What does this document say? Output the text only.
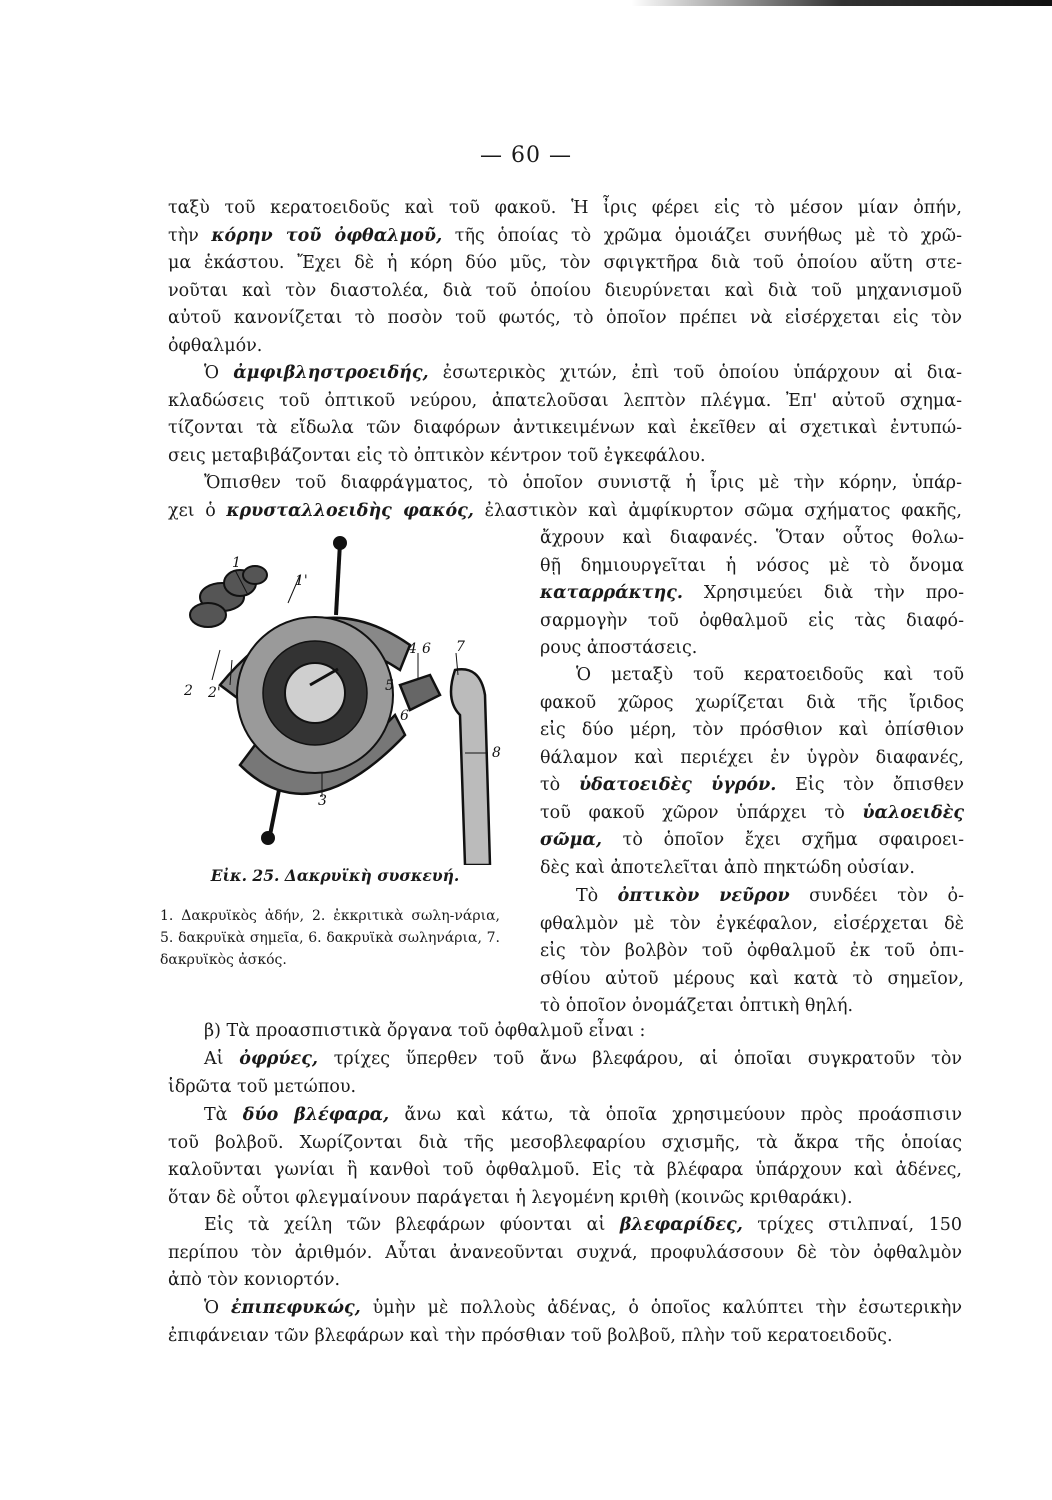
— 60 —
ταξὺ τοῦ κερατοειδοῦς καὶ τοῦ φακοῦ. Ἡ ἶρις φέρει εἰς τὸ μέσον μίαν ὀπήν,
τὴν κόρην τοῦ ὀφθαλμοῦ, τῆς ὁποίας τὸ χρῶμα ὁμοιάζει συνήθως μὲ τὸ χρῶ-
μα ἑκάστου. Ἔχει δὲ ἡ κόρη δύο μῦς, τὸν σφιγκτῆρα διὰ τοῦ ὁποίου αὕτη στε-
νοῦται καὶ τὸν διαστολέα, διὰ τοῦ ὁποίου διευρύνεται καὶ διὰ τοῦ μηχανισμοῦ
αὐτοῦ κανονίζεται τὸ ποσὸν τοῦ φωτός, τὸ ὁποῖον πρέπει νὰ εἰσέρχεται εἰς τὸν
ὀφθαλμόν.
Ὁ ἀμφιβληστροειδής, ἐσωτερικὸς χιτών, ἐπὶ τοῦ ὁποίου ὑπάρχουν αἱ δια-
κλαδώσεις τοῦ ὀπτικοῦ νεύρου, ἀπατελοῦσαι λεπτὸν πλέγμα. Ἐπ' αὐτοῦ σχημα-
τίζονται τὰ εἴδωλα τῶν διαφόρων ἀντικειμένων καὶ ἐκεῖθεν αἱ σχετικαὶ ἐντυπώ-
σεις μεταβιβάζονται εἰς τὸ ὀπτικὸν κέντρον τοῦ ἐγκεφάλου.
Ὄπισθεν τοῦ διαφράγματος, τὸ ὁποῖον συνιστᾷ ἡ ἶρις μὲ τὴν κόρην, ὑπάρ-
χει ὁ κρυσταλλοειδὴς φακός, ἐλαστικὸν καὶ ἀμφίκυρτον σῶμα σχήματος φακῆς,
ἄχρουν καὶ διαφανές. Ὅταν οὗτος θολω-
θῇ δημιουργεῖται ἡ νόσος μὲ τὸ ὄνομα
καταρράκτης. Χρησιμεύει διὰ τὴν προ-
σαρμογὴν τοῦ ὀφθαλμοῦ εἰς τὰς διαφό-
ρους ἀποστάσεις.
Ὁ μεταξὺ τοῦ κερατοειδοῦς καὶ τοῦ
φακοῦ χῶρος χωρίζεται διὰ τῆς ἴριδος
εἰς δύο μέρη, τὸν πρόσθιον καὶ ὀπίσθιον
θάλαμον καὶ περιέχει ἐν ὑγρὸν διαφανές,
τὸ ὑδατοειδὲς ὑγρόν. Εἰς τὸν ὄπισθεν
τοῦ φακοῦ χῶρον ὑπάρχει τὸ ὑαλοειδὲς
σῶμα, τὸ ὁποῖον ἔχει σχῆμα σφαιροει-
δὲς καὶ ἀποτελεῖται ἀπὸ πηκτώδη οὐσίαν.
Τὸ ὀπτικὸν νεῦρον συνδέει τὸν ὀ-
φθαλμὸν μὲ τὸν ἐγκέφαλον, εἰσέρχεται δὲ
εἰς τὸν βολβὸν τοῦ ὀφθαλμοῦ ἐκ τοῦ ὀπι-
σθίου αὐτοῦ μέρους καὶ κατὰ τὸ σημεῖον,
τὸ ὁποῖον ὀνομάζεται ὀπτικὴ θηλή.
1
1'
2 2'
3
4
5
6
6
7
8
Εἰκ. 25. Δακρυϊκὴ συσκευή.
1. Δακρυϊκὸς ἀδήν, 2. ἐκκριτικὰ σωλη-νάρια, 5. δακρυϊκὰ σημεῖα, 6. δακρυϊκὰ σωληνάρια, 7. δακρυϊκὸς ἀσκός.
β) Τὰ προασπιστικὰ ὄργανα τοῦ ὀφθαλμοῦ εἶναι :
Αἱ ὀφρύες, τρίχες ὕπερθεν τοῦ ἄνω βλεφάρου, αἱ ὁποῖαι συγκρατοῦν τὸν
ἱδρῶτα τοῦ μετώπου.
Τὰ δύο βλέφαρα, ἄνω καὶ κάτω, τὰ ὁποῖα χρησιμεύουν πρὸς προάσπισιν
τοῦ βολβοῦ. Χωρίζονται διὰ τῆς μεσοβλεφαρίου σχισμῆς, τὰ ἄκρα τῆς ὁποίας
καλοῦνται γωνίαι ἢ κανθοὶ τοῦ ὀφθαλμοῦ. Εἰς τὰ βλέφαρα ὑπάρχουν καὶ ἀδένες,
ὅταν δὲ οὗτοι φλεγμαίνουν παράγεται ἡ λεγομένη κριθὴ (κοινῶς κριθαράκι).
Εἰς τὰ χείλη τῶν βλεφάρων φύονται αἱ βλεφαρίδες, τρίχες στιλπναί, 150
περίπου τὸν ἀριθμόν. Αὗται ἀνανεοῦνται συχνά, προφυλάσσουν δὲ τὸν ὀφθαλμὸν
ἀπὸ τὸν κονιορτόν.
Ὁ ἐπιπεφυκώς, ὑμὴν μὲ πολλοὺς ἀδένας, ὁ ὁποῖος καλύπτει τὴν ἐσωτερικὴν
ἐπιφάνειαν τῶν βλεφάρων καὶ τὴν πρόσθιαν τοῦ βολβοῦ, πλὴν τοῦ κερατοειδοῦς.
